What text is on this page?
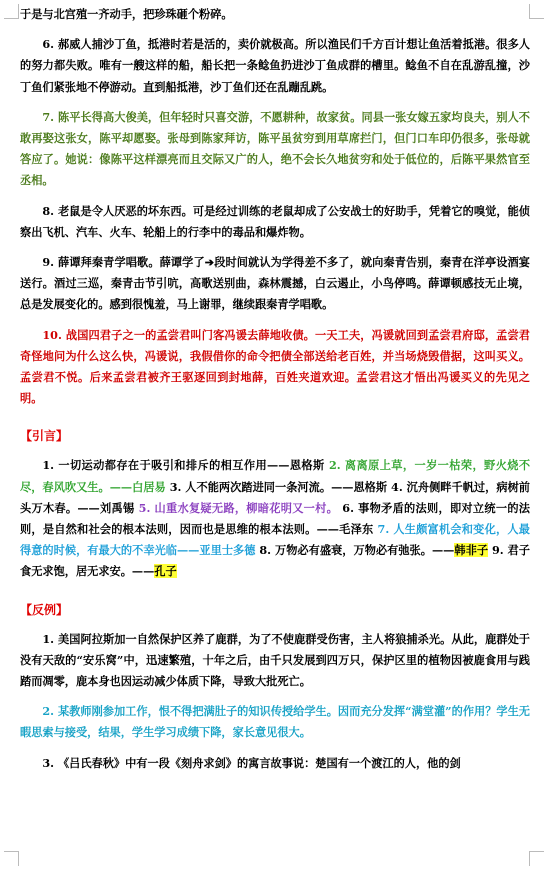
于是与北宫殖一齐动手，把珍珠砸个粉碎。

6. 郝威人捕沙丁鱼，抵港时若是活的，卖价就极高。所以渔民们千方百计想让鱼活着抵港。很多人的努力都失败。唯有一艘这样的船，船长把一条鲶鱼扔进沙丁鱼成群的槽里。鲶鱼不自在乱游乱撞，沙丁鱼们紧张地不停游动。直到船抵港，沙丁鱼们还在乱蹦乱跳。

7. 陈平长得高大俊美，但年轻时只喜交游，不愿耕种，故家贫。同县一张女嫁五家均良夫，别人不敢再娶这张女，陈平却愿娶。张母到陈家拜访，陈平虽贫穷到用草席拦门，但门口车印仍很多，张母就答应了。她说：像陈平这样漂亮而且交际又广的人，绝不会长久地贫穷和处于低位的，后陈平果然官至丞相。

8. 老鼠是令人厌恶的坏东西。可是经过训练的老鼠却成了公安战士的好助手，凭着它的嗅觉，能侦察出飞机、汽车、火车、轮船上的行李中的毒品和爆炸物。

9. 薛谭拜秦青学唱歌。薛谭学了➔段时间就认为学得差不多了，就向秦青告别，秦青在洋亭设酒宴送行。酒过三巡，秦青击节引吭，高歌送别曲，森林震撼，白云遏止，小鸟停鸣。薛谭顿感技无止境，总是发展变化的。感到很愧羞，马上谢罪，继续跟秦青学唱歌。

10. 战国四君子之一的孟尝君叫门客冯谖去薛地收债。一天工夫，冯谖就回到孟尝君府邸，孟尝君奇怪地问为什么这么快，冯谖说，我假借你的命令把债全部送给老百姓，并当场烧毁借据，这叫买义。孟尝君不悦。后来孟尝君被齐王驱逐回到封地薛，百姓夹道欢迎。孟尝君这才悟出冯谖买义的先见之明。

【引言】

1. 一切运动都存在于吸引和排斥的相互作用——恩格斯 2. 离离原上草，一岁一枯荣，野火烧不尽，春风吹又生。——白居易 3. 人不能两次踏进同一条河流。——恩格斯 4. 沉舟侧畔千帆过，病树前头万木春。——刘禹锡 5. 山重水复疑无路，柳暗花明又一村。 6. 事物矛盾的法则，即对立统一的法则，是自然和社会的根本法则，因而也是思维的根本法则。——毛泽东 7. 人生颇富机会和变化，人最得意的时候，有最大的不幸光临——亚里士多德 8. 万物必有盛衰，万物必有弛张。——韩非子 9. 君子食无求饱，居无求安。——孔子

【反例】

1. 美国阿拉斯加一自然保护区养了鹿群，为了不使鹿群受伤害，主人将狼捕杀光。从此，鹿群处于没有天敌的“安乐窝”中，迅速繁殖，十年之后，由千只发展到四万只，保护区里的植物因被鹿食用与践踏而凋零，鹿本身也因运动减少体质下降，导致大批死亡。

2. 某教师刚参加工作，恨不得把满肚子的知识传授给学生。因而充分发挥“满堂灌”的作用？学生无暇思索与接受，结果，学生学习成绩下降，家长意见很大。

3. 《吕氏春秋》中有一段《刻舟求剑》的寓言故事说：楚国有一个渡江的人，他的剑
